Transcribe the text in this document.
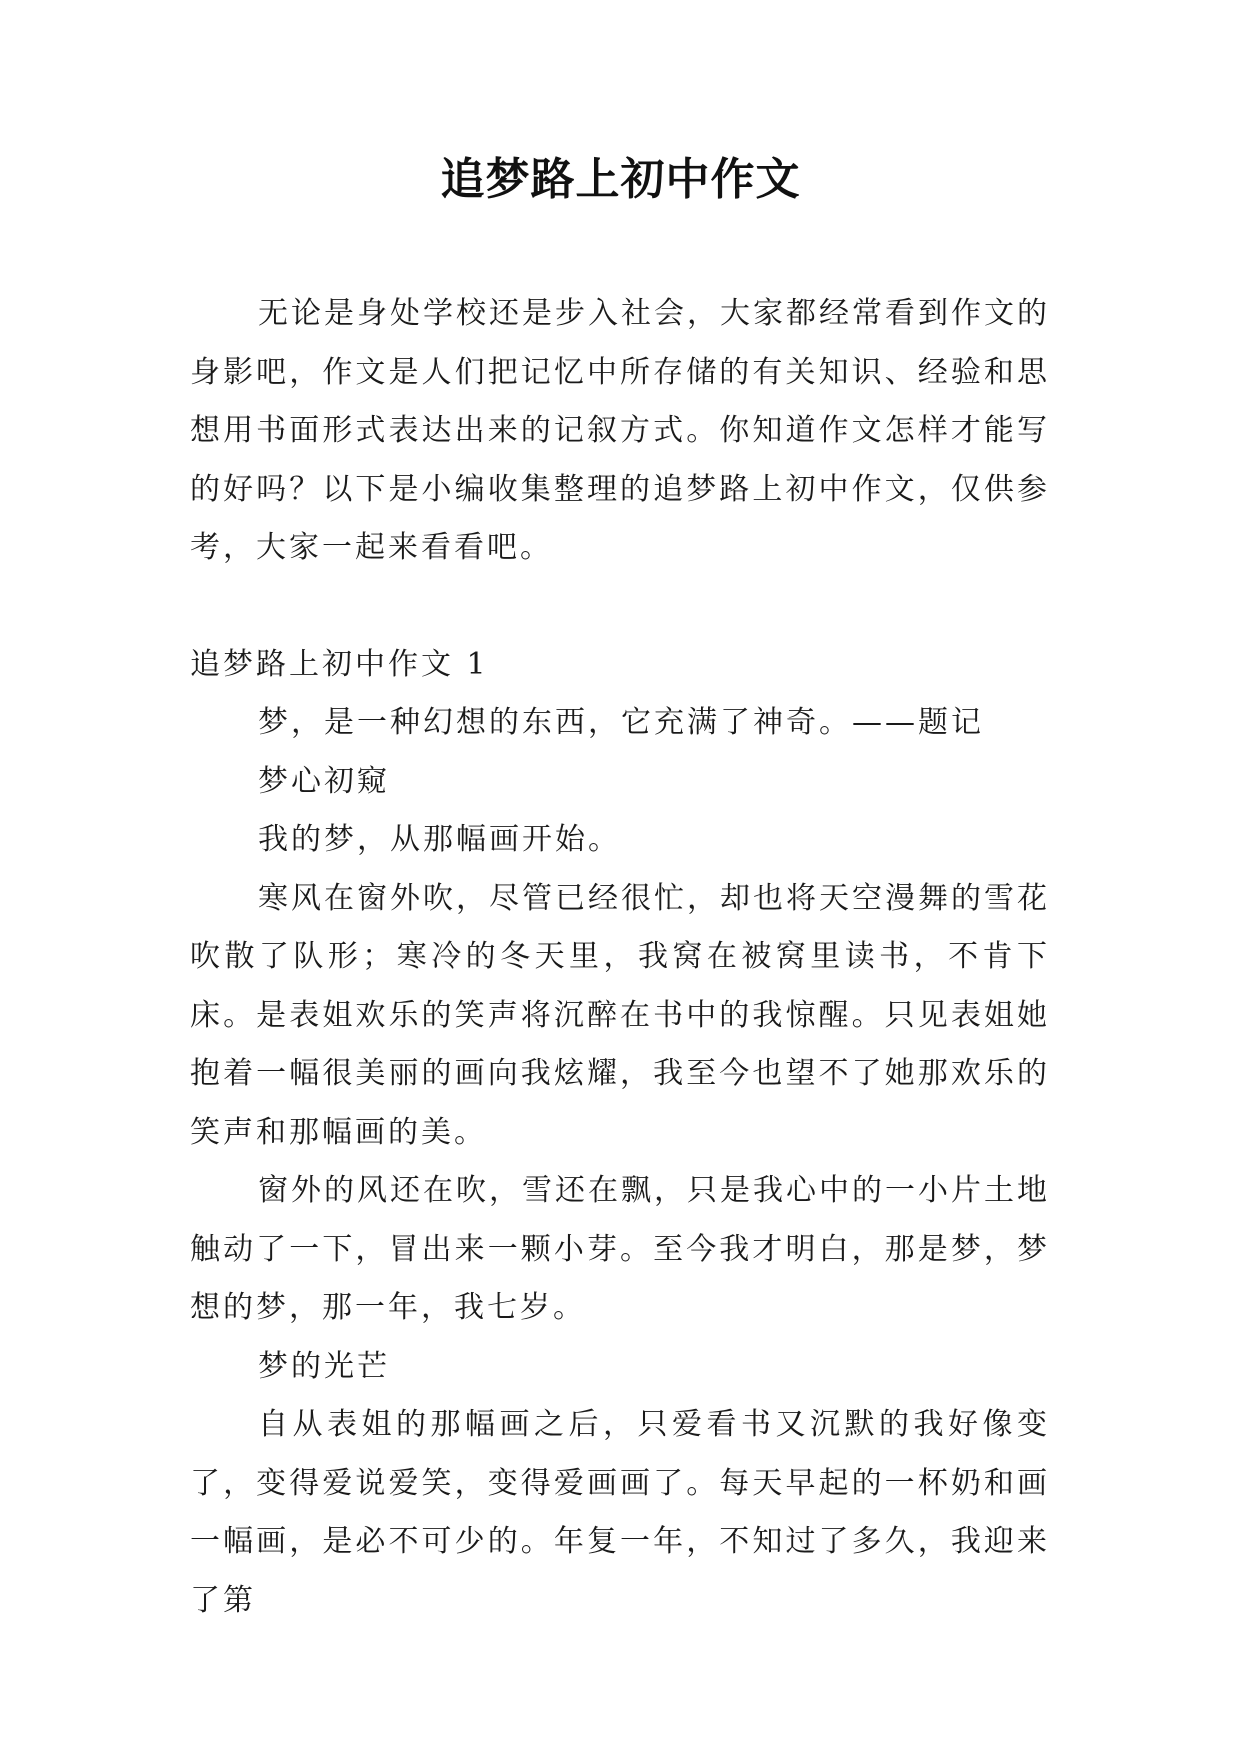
追梦路上初中作文

无论是身处学校还是步入社会，大家都经常看到作文的身影吧，作文是人们把记忆中所存储的有关知识、经验和思想用书面形式表达出来的记叙方式。你知道作文怎样才能写的好吗？以下是小编收集整理的追梦路上初中作文，仅供参考，大家一起来看看吧。

追梦路上初中作文 1

梦，是一种幻想的东西，它充满了神奇。——题记

梦心初窥

我的梦，从那幅画开始。

寒风在窗外吹，尽管已经很忙，却也将天空漫舞的雪花吹散了队形；寒冷的冬天里，我窝在被窝里读书，不肯下床。是表姐欢乐的笑声将沉醉在书中的我惊醒。只见表姐她抱着一幅很美丽的画向我炫耀，我至今也望不了她那欢乐的笑声和那幅画的美。

窗外的风还在吹，雪还在飘，只是我心中的一小片土地触动了一下，冒出来一颗小芽。至今我才明白，那是梦，梦想的梦，那一年，我七岁。

梦的光芒

自从表姐的那幅画之后，只爱看书又沉默的我好像变了，变得爱说爱笑，变得爱画画了。每天早起的一杯奶和画一幅画，是必不可少的。年复一年，不知过了多久，我迎来了第
